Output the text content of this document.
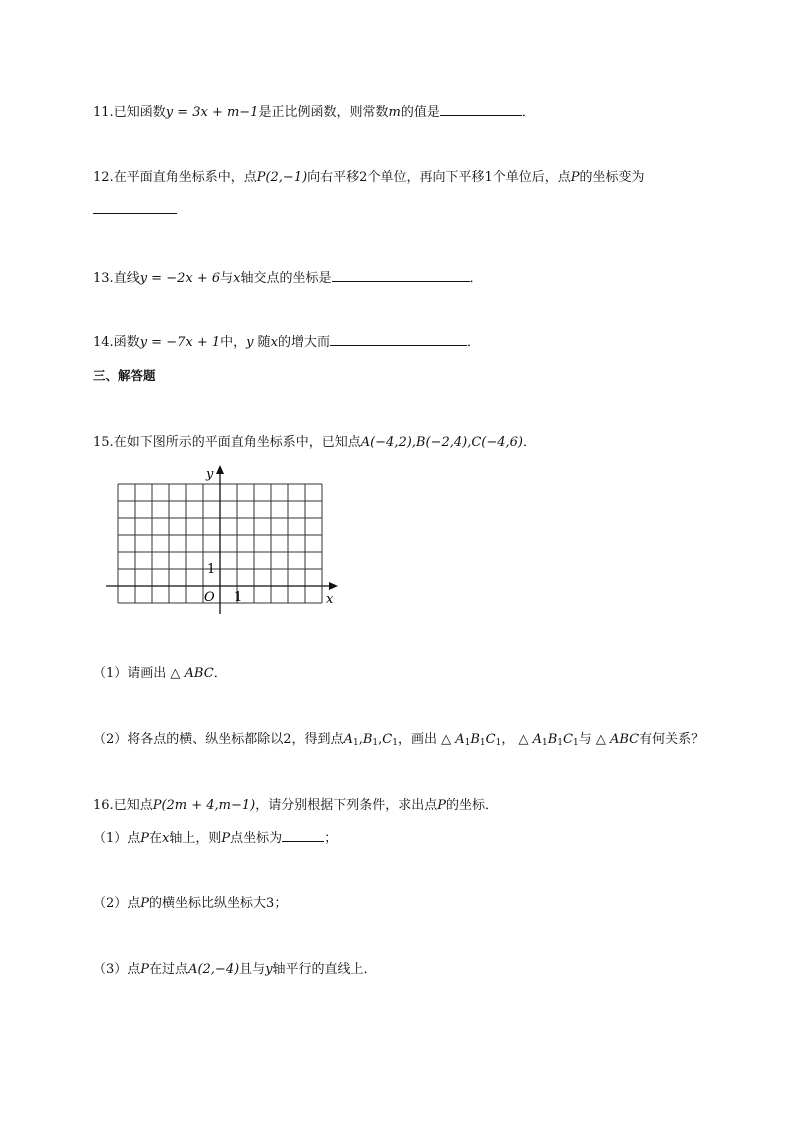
11.已知函数y = 3x + m−1是正比例函数，则常数m的值是	．
12.在平面直角坐标系中，点P(2,−1)向右平移2个单位，再向下平移1个单位后，点P的坐标变为
13.直线y = −2x + 6与x轴交点的坐标是	．
14.函数y = −7x + 1中，y 随x的增大而	．
三、解答题
15.在如下图所示的平面直角坐标系中，已知点A(−4,2),B(−2,4),C(−4,6)．
y
x
O 1
1
（1）请画出 △ ABC．
（2）将各点的横、纵坐标都除以2，得到点$A_1,B_1,C_1$，画出 △ $A_1B_1C_1$， △ $A_1B_1C_1$与 △ ABC有何关系？
16.已知点P(2m + 4,m−1)，请分别根据下列条件，求出点P的坐标．
（1）点P在x轴上，则P点坐标为	；
（2）点P的横坐标比纵坐标大3；
（3）点P在过点A(2,−4)且与y轴平行的直线上．
